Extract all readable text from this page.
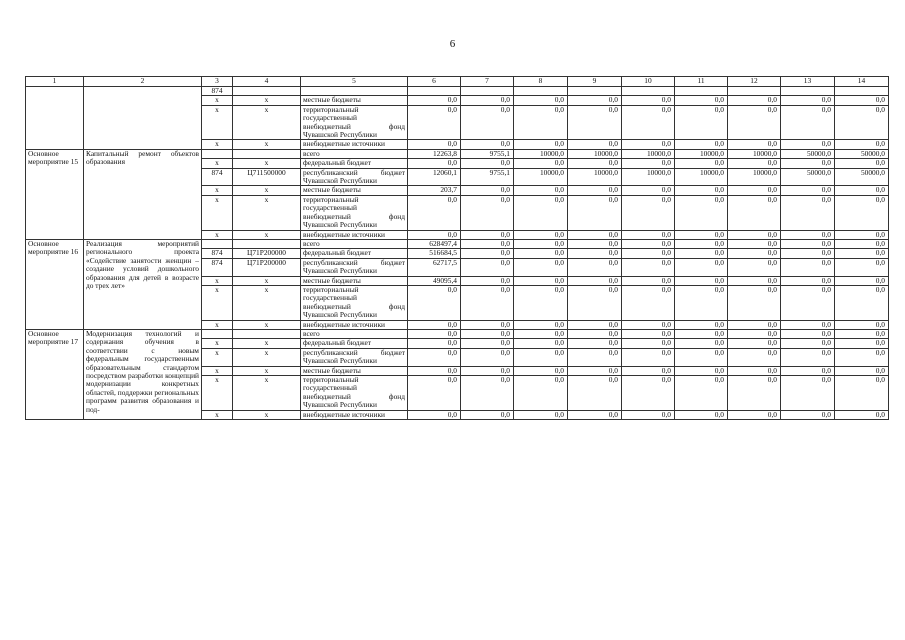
6
1	2	3	4	5	6	7	8	9	10	11	12	13	14
		874											
		х	х	местные бюджеты	0,0	0,0	0,0	0,0	0,0	0,0	0,0	0,0	0,0
		х	х	территориальный государственный внебюджетный фонд Чувашской Республики	0,0	0,0	0,0	0,0	0,0	0,0	0,0	0,0	0,0
		х	х	внебюджетные источники	0,0	0,0	0,0	0,0	0,0	0,0	0,0	0,0	0,0
Основное мероприятие 15	Капитальный ремонт объектов образования			всего	12263,8	9755,1	10000,0	10000,0	10000,0	10000,0	10000,0	50000,0	50000,0
		х	х	федеральный бюджет	0,0	0,0	0,0	0,0	0,0	0,0	0,0	0,0	0,0
		874	Ц711500000	республиканский бюджет Чувашской Республики	12060,1	9755,1	10000,0	10000,0	10000,0	10000,0	10000,0	50000,0	50000,0
		х	х	местные бюджеты	203,7	0,0	0,0	0,0	0,0	0,0	0,0	0,0	0,0
		х	х	территориальный государственный внебюджетный фонд Чувашской Республики	0,0	0,0	0,0	0,0	0,0	0,0	0,0	0,0	0,0
		х	х	внебюджетные источники	0,0	0,0	0,0	0,0	0,0	0,0	0,0	0,0	0,0
Основное мероприятие 16	Реализация мероприятий регионального проекта «Содействие занятости женщин – создание условий дошкольного образования для детей в возрасте до трех лет»			всего	628497,4	0,0	0,0	0,0	0,0	0,0	0,0	0,0	0,0
		874	Ц71P200000	федеральный бюджет	516684,5	0,0	0,0	0,0	0,0	0,0	0,0	0,0	0,0
		874	Ц71P200000	республиканский бюджет Чувашской Республики	62717,5	0,0	0,0	0,0	0,0	0,0	0,0	0,0	0,0
		х	х	местные бюджеты	49095,4	0,0	0,0	0,0	0,0	0,0	0,0	0,0	0,0
		х	х	территориальный государственный внебюджетный фонд Чувашской Республики	0,0	0,0	0,0	0,0	0,0	0,0	0,0	0,0	0,0
		х	х	внебюджетные источники	0,0	0,0	0,0	0,0	0,0	0,0	0,0	0,0	0,0
Основное мероприятие 17	Модернизация технологий и содержания обучения в соответствии с новым федеральным государственным образовательным стандартом посредством разработки концепций модернизации конкретных областей, поддержки региональных программ развития образования и под-			всего	0,0	0,0	0,0	0,0	0,0	0,0	0,0	0,0	0,0
		х	х	федеральный бюджет	0,0	0,0	0,0	0,0	0,0	0,0	0,0	0,0	0,0
		х	х	республиканский бюджет Чувашской Республики	0,0	0,0	0,0	0,0	0,0	0,0	0,0	0,0	0,0
		х	х	местные бюджеты	0,0	0,0	0,0	0,0	0,0	0,0	0,0	0,0	0,0
		х	х	территориальный государственный внебюджетный фонд Чувашской Республики	0,0	0,0	0,0	0,0	0,0	0,0	0,0	0,0	0,0
		х	х	внебюджетные источники	0,0	0,0	0,0	0,0	0,0	0,0	0,0	0,0	0,0
